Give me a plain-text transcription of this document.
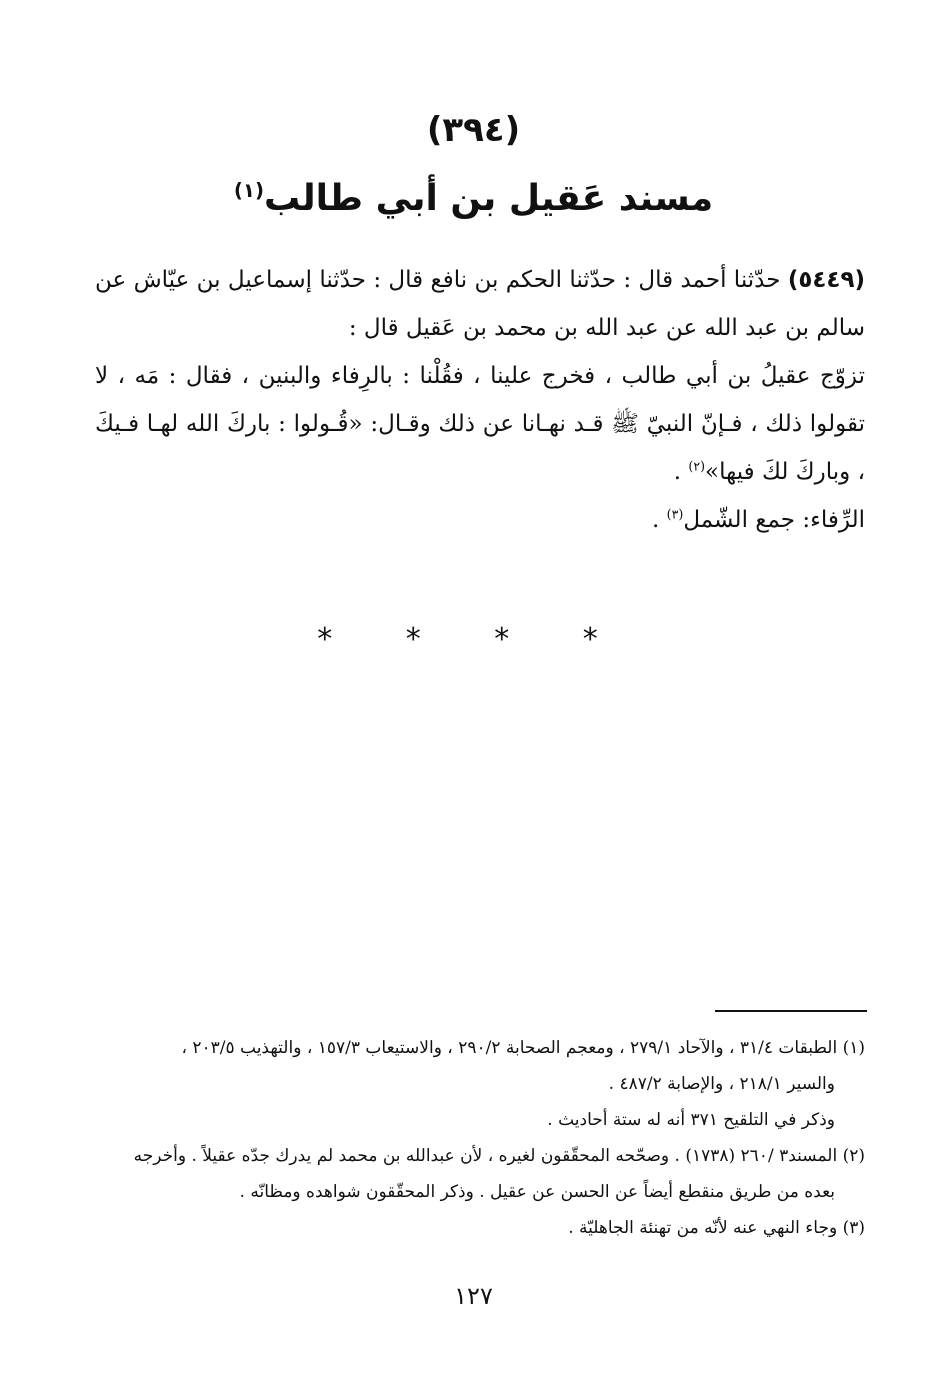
(٣٩٤)
مسند عَقيل بن أبي طالب$^{(١)}$
(٥٤٤٩) حدّثنا أحمد قال : حدّثنا الحكم بن نافع قال : حدّثنا إسماعيل بن عيّاش عن سالم بن عبد الله عن عبد الله بن محمد بن عَقيل قال :
تزوّج عقيلُ بن أبي طالب ، فخرج علينا ، فقُلْنا : بالرِفاء والبنين ، فقال : مَه ، لا تقولوا ذلك ، فـإنّ النبيّ ﷺ قـد نهـانا عن ذلك وقـال: «قُـولوا : باركَ الله لهـا فـيكَ ، وباركَ لكَ فيها»$^{(٢)}$ .
الرِّفاء: جمع الشّمل$^{(٣)}$ .
* * * *
(١) الطبقات ٣١/٤ ، والآحاد ٢٧٩/١ ، ومعجم الصحابة ٢٩٠/٢ ، والاستيعاب ١٥٧/٣ ، والتهذيب ٢٠٣/٥ ،
والسير ٢١٨/١ ، والإصابة ٤٨٧/٢ .
وذكر في التلقيح ٣٧١ أنه له ستة أحاديث .
(٢) المسند٣ /٢٦٠ (١٧٣٨) . وصحّحه المحقّقون لغيره ، لأن عبدالله بن محمد لم يدرك جدّه عقيلاً . وأخرجه
بعده من طريق منقطع أيضاً عن الحسن عن عقيل . وذكر المحقّقون شواهده ومظانّه .
(٣) وجاء النهي عنه لأنّه من تهنئة الجاهليّة .
١٢٧
